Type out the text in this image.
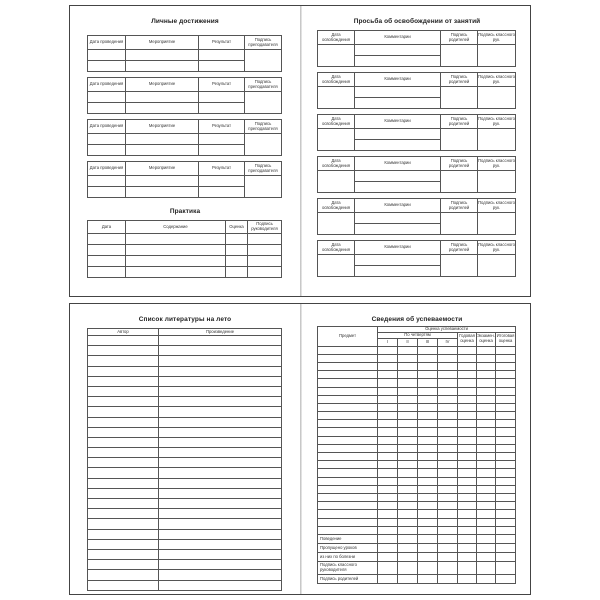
Личные достижения
Дата проведения	Мероприятие	Результат	Подпись преподавателя

Дата проведения	Мероприятие	Результат	Подпись преподавателя

Дата проведения	Мероприятие	Результат	Подпись преподавателя

Дата проведения	Мероприятие	Результат	Подпись преподавателя

Практика
Дата	Содержание	Оценка	Подпись руководителя

Просьба об освобождении от занятий
Дата освобождения	Комментарии	Подпись родителей	Подпись классного рук.

Дата освобождения	Комментарии	Подпись родителей	Подпись классного рук.

Дата освобождения	Комментарии	Подпись родителей	Подпись классного рук.

Дата освобождения	Комментарии	Подпись родителей	Подпись классного рук.

Дата освобождения	Комментарии	Подпись родителей	Подпись классного рук.

Дата освобождения	Комментарии	Подпись родителей	Подпись классного рук.

Список литературы на лето
Автор	Произведение

Сведения об успеваемости
Предмет	Оценка успеваемости						
	По четвертям				Годовая оценка	Экзамен. оценка	Итоговая оценка
	I	II	III	IV			

Поведение							
Пропущено уроков							
из них по болезни							
Подпись классного руководителя							
Подпись родителей							
